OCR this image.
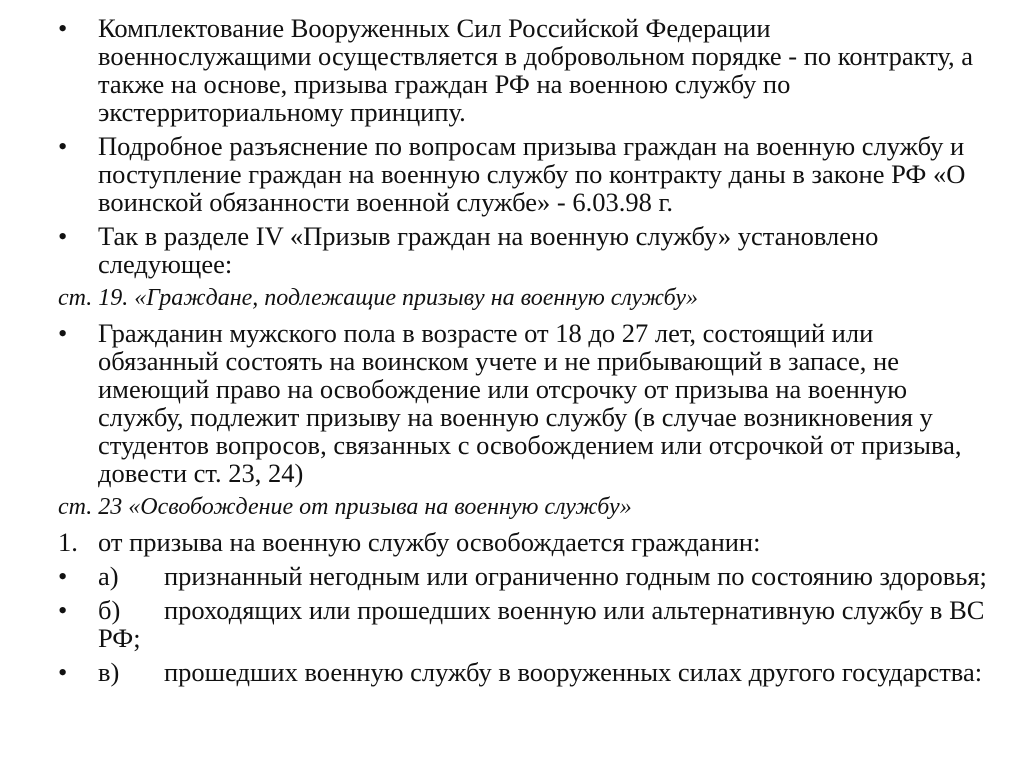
•	Комплектование Вооруженных Сил Российской Федерации военнослужащими осуществляется в добровольном порядке - по контракту, а также на основе, призыва граждан РФ на военною службу по экстерриториальному принципу.
•	Подробное разъяснение по вопросам призыва граждан на военную службу и поступление граждан на военную службу по контракту даны в законе РФ «О воинской обязанности военной службе» - 6.03.98 г.
•	Так в разделе IV «Призыв граждан на военную службу» установлено следующее:
ст. 19. «Граждане, подлежащие призыву на военную службу»
•	Гражданин мужского пола в возрасте от 18 до 27 лет, состоящий или обязанный состоять на воинском учете и не прибывающий в запасе, не имеющий право на освобождение или отсрочку от призыва на военную службу, подлежит призыву на военную службу (в случае возникновения у студентов вопросов, связанных с освобождением или отсрочкой от призыва, довести ст. 23, 24)
ст. 23 «Освобождение от призыва на военную службу»
1. от призыва на военную службу освобождается гражданин:
•	а) признанный негодным или ограниченно годным по состоянию здоровья;
•	б) проходящих или прошедших военную или альтернативную службу в ВС РФ;
•	в) прошедших военную службу в вооруженных силах другого государства:
